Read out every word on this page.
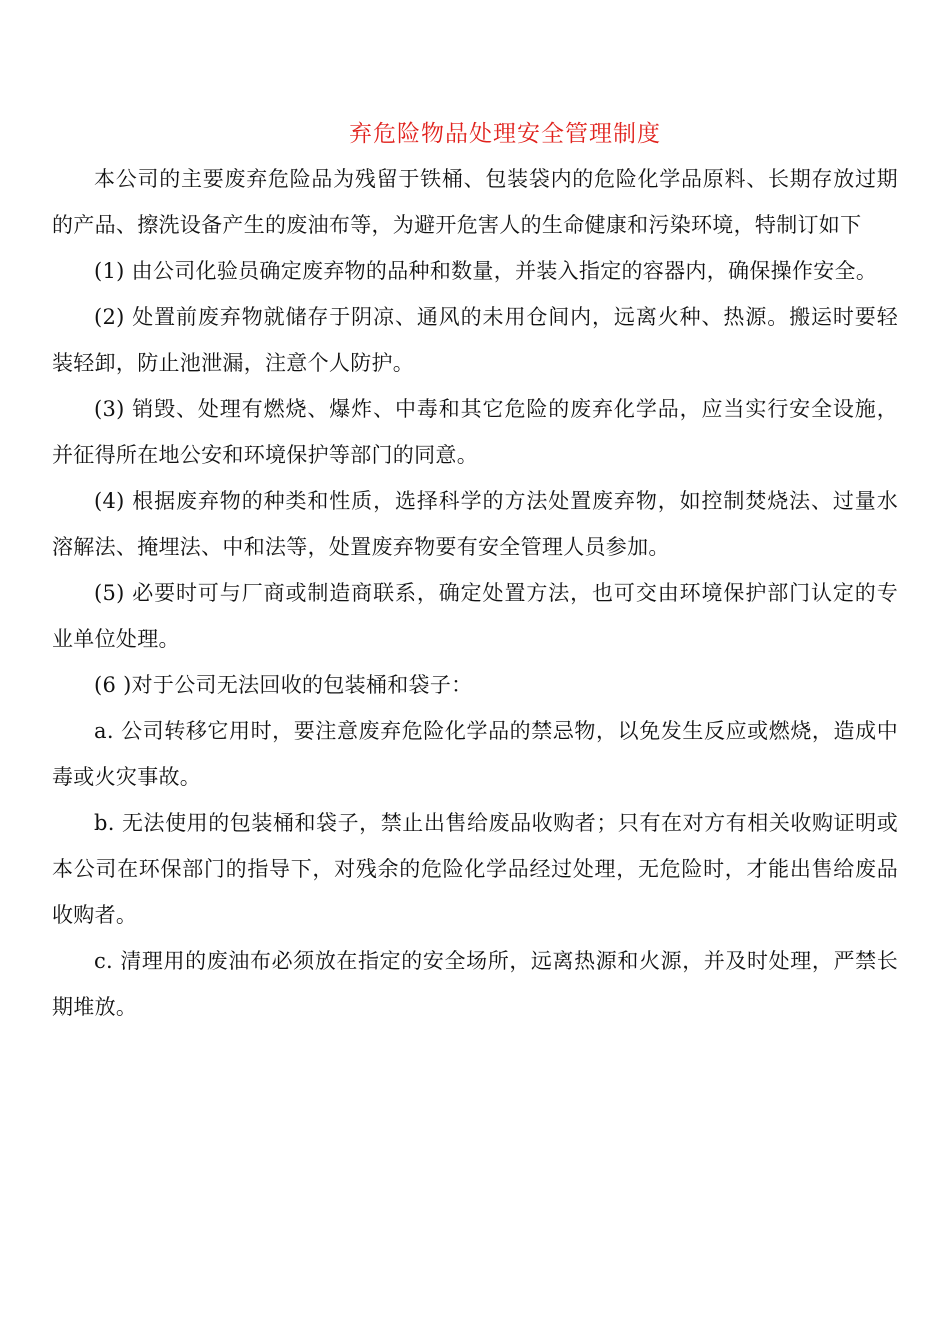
弃危险物品处理安全管理制度

本公司的主要废弃危险品为残留于铁桶、包装袋内的危险化学品原料、长期存放过期的产品、擦洗设备产生的废油布等，为避开危害人的生命健康和污染环境，特制订如下

(1) 由公司化验员确定废弃物的品种和数量，并装入指定的容器内，确保操作安全。

(2) 处置前废弃物就储存于阴凉、通风的未用仓间内，远离火种、热源。搬运时要轻装轻卸，防止池泄漏，注意个人防护。

(3) 销毁、处理有燃烧、爆炸、中毒和其它危险的废弃化学品，应当实行安全设施，并征得所在地公安和环境保护等部门的同意。

(4) 根据废弃物的种类和性质，选择科学的方法处置废弃物，如控制焚烧法、过量水溶解法、掩埋法、中和法等，处置废弃物要有安全管理人员参加。

(5) 必要时可与厂商或制造商联系，确定处置方法，也可交由环境保护部门认定的专业单位处理。

(6 )对于公司无法回收的包装桶和袋子：

a. 公司转移它用时，要注意废弃危险化学品的禁忌物，以免发生反应或燃烧，造成中毒或火灾事故。

b. 无法使用的包装桶和袋子，禁止出售给废品收购者；只有在对方有相关收购证明或本公司在环保部门的指导下，对残余的危险化学品经过处理，无危险时，才能出售给废品收购者。

c. 清理用的废油布必须放在指定的安全场所，远离热源和火源，并及时处理，严禁长期堆放。
